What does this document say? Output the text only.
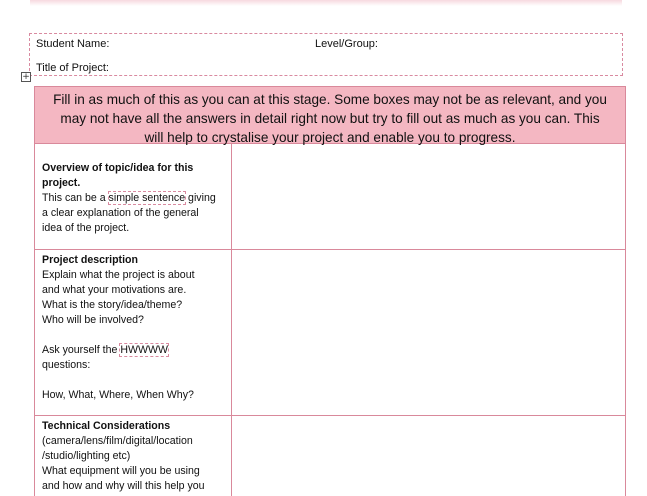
Student Name:	Level/Group:
Title of Project:
+
Fill in as much of this as you can at this stage. Some boxes may not be as relevant, and you
may not have all the answers in detail right now but try to fill out as much as you can. This
will help to crystalise your project and enable you to progress.
Overview of topic/idea for this
project.
This can be a simple sentence giving
a clear explanation of the general
idea of the project.
Project description
Explain what the project is about
and what your motivations are.
What is the story/idea/theme?
Who will be involved?
Ask yourself the HWWWW
questions:
How, What, Where, When Why?
Technical Considerations
(camera/lens/film/digital/location
/studio/lighting etc)
What equipment will you be using
and how and why will this help you
